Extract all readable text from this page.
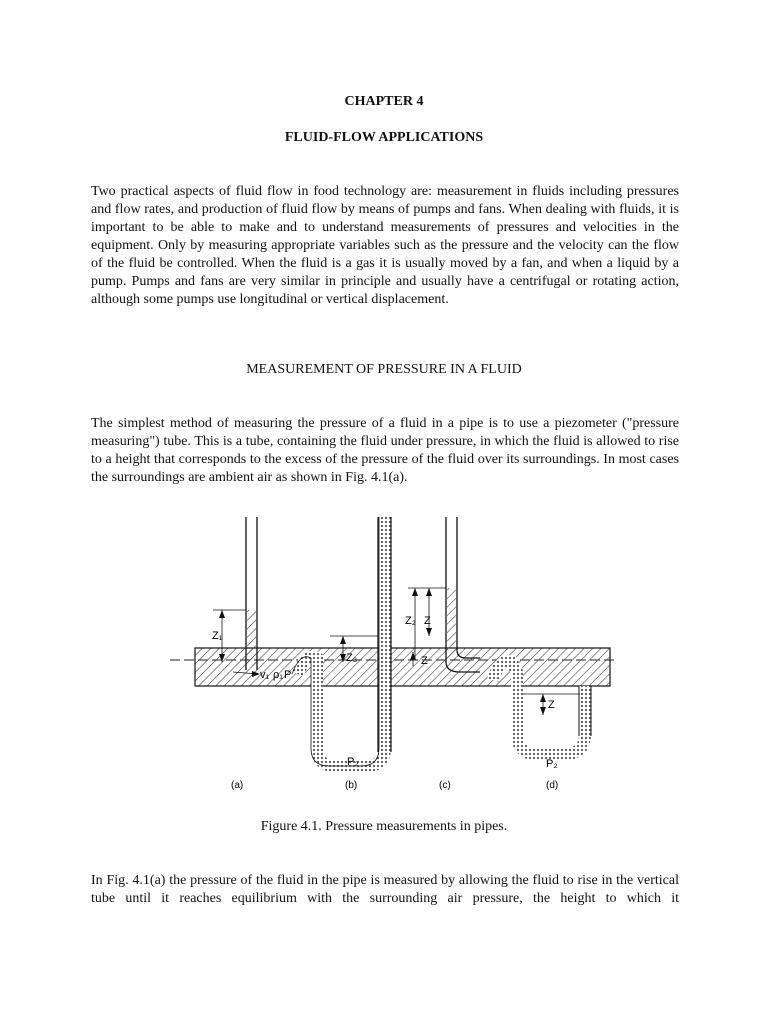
CHAPTER 4
FLUID-FLOW APPLICATIONS

Two practical aspects of fluid flow in food technology are: measurement in fluids including pressures and flow rates, and production of fluid flow by means of pumps and fans. When dealing with fluids, it is important to be able to make and to understand measurements of pressures and velocities in the equipment. Only by measuring appropriate variables such as the pressure and the velocity can the flow of the fluid be controlled. When the fluid is a gas it is usually moved by a fan, and when a liquid by a pump. Pumps and fans are very similar in principle and usually have a centrifugal or rotating action, although some pumps use longitudinal or vertical displacement.

MEASUREMENT OF PRESSURE IN A FLUID

The simplest method of measuring the pressure of a fluid in a pipe is to use a piezometer ("pressure measuring") tube. This is a tube, containing the fluid under pressure, in which the fluid is allowed to rise to a height that corresponds to the excess of the pressure of the fluid over its surroundings. In most cases the surroundings are ambient air as shown in Fig. 4.1(a).

Z₁
v₁ ρ₁ P
Z₃
P₂
Z₂ Z
Z
Z
P₂
(a)	(b)	(c)	(d)
Figure 4.1. Pressure measurements in pipes.

In Fig. 4.1(a) the pressure of the fluid in the pipe is measured by allowing the fluid to rise in the vertical tube until it reaches equilibrium with the surrounding air pressure, the height to which it
